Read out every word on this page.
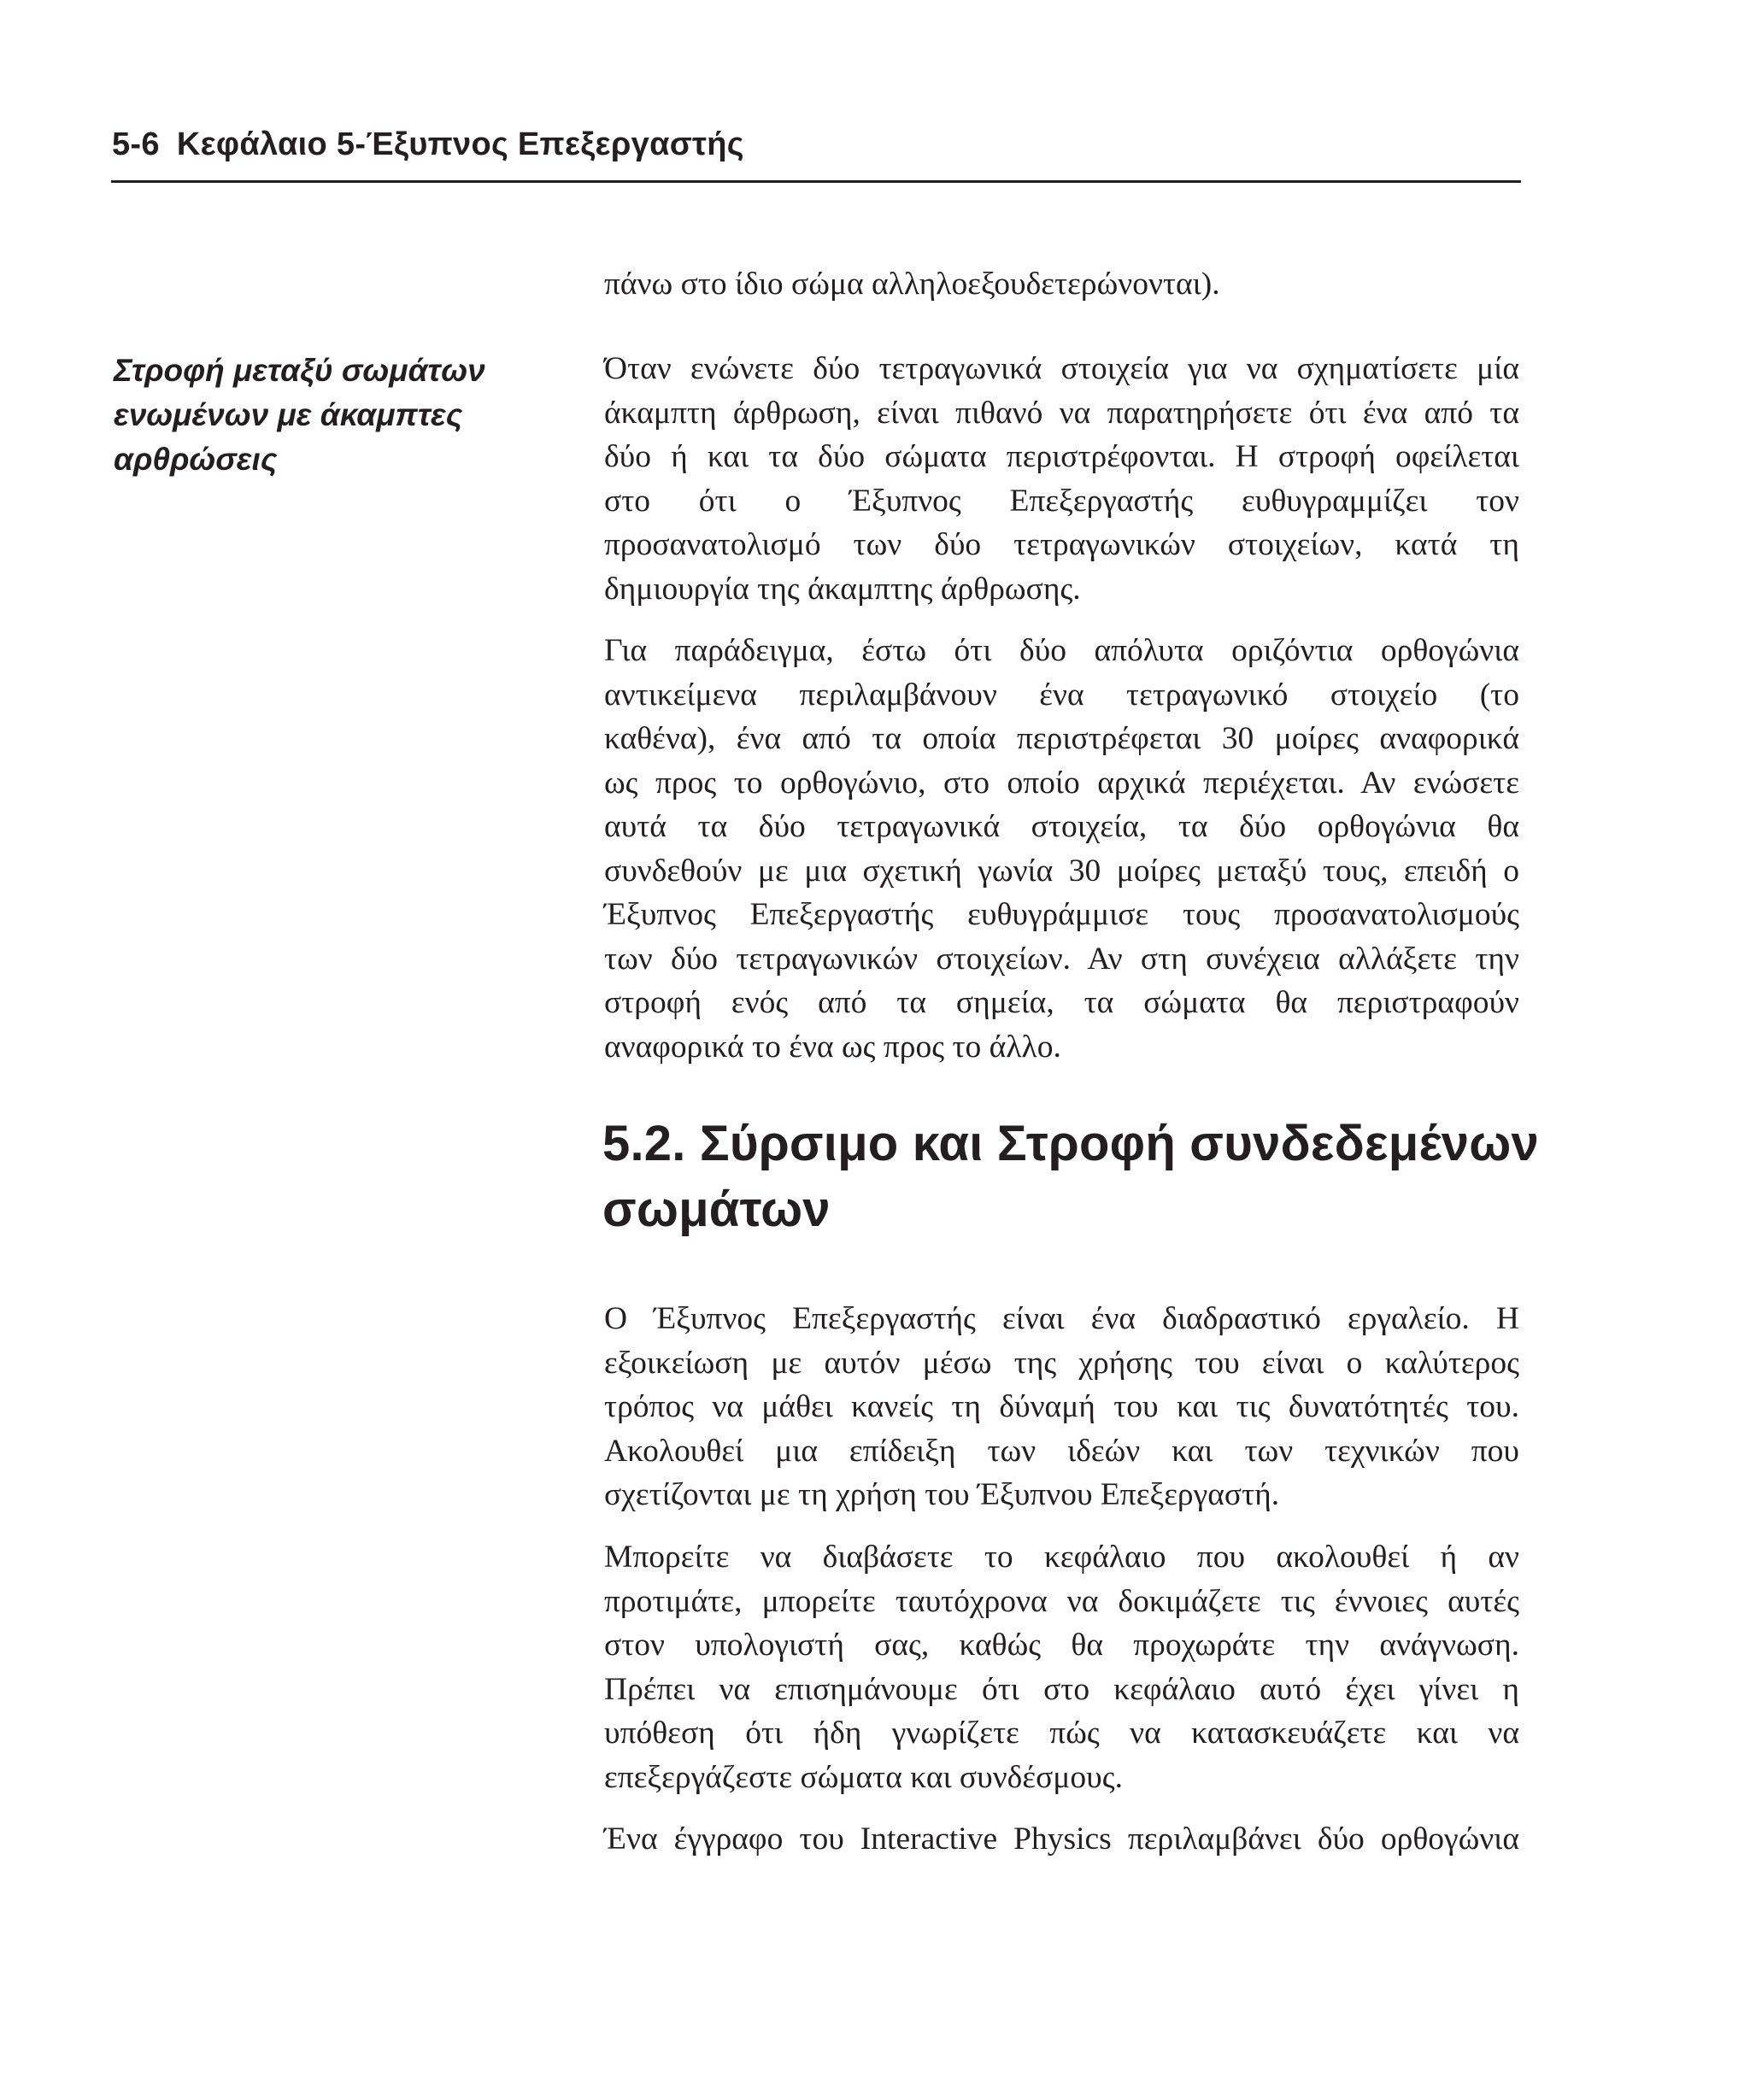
5-6 Κεφάλαιο 5-Έξυπνος Επεξεργαστής
Στροφή μεταξύ σωμάτων
ενωμένων με άκαμπτες
αρθρώσεις

πάνω στο ίδιο σώμα αλληλοεξουδετερώνονται).

Όταν ενώνετε δύο τετραγωνικά στοιχεία για να σχηματίσετε μία
άκαμπτη άρθρωση, είναι πιθανό να παρατηρήσετε ότι ένα από τα
δύο ή και τα δύο σώματα περιστρέφονται. Η στροφή οφείλεται
στο ότι ο Έξυπνος Επεξεργαστής ευθυγραμμίζει τον
προσανατολισμό των δύο τετραγωνικών στοιχείων, κατά τη
δημιουργία της άκαμπτης άρθρωσης.

Για παράδειγμα, έστω ότι δύο απόλυτα οριζόντια ορθογώνια
αντικείμενα περιλαμβάνουν ένα τετραγωνικό στοιχείο (το
καθένα), ένα από τα οποία περιστρέφεται 30 μοίρες αναφορικά
ως προς το ορθογώνιο, στο οποίο αρχικά περιέχεται. Αν ενώσετε
αυτά τα δύο τετραγωνικά στοιχεία, τα δύο ορθογώνια θα
συνδεθούν με μια σχετική γωνία 30 μοίρες μεταξύ τους, επειδή ο
Έξυπνος Επεξεργαστής ευθυγράμμισε τους προσανατολισμούς
των δύο τετραγωνικών στοιχείων. Αν στη συνέχεια αλλάξετε την
στροφή ενός από τα σημεία, τα σώματα θα περιστραφούν
αναφορικά το ένα ως προς το άλλο.

5.2. Σύρσιμο και Στροφή συνδεδεμένων
σωμάτων

Ο Έξυπνος Επεξεργαστής είναι ένα διαδραστικό εργαλείο. Η
εξοικείωση με αυτόν μέσω της χρήσης του είναι ο καλύτερος
τρόπος να μάθει κανείς τη δύναμή του και τις δυνατότητές του.
Ακολουθεί μια επίδειξη των ιδεών και των τεχνικών που
σχετίζονται με τη χρήση του Έξυπνου Επεξεργαστή.

Μπορείτε να διαβάσετε το κεφάλαιο που ακολουθεί ή αν
προτιμάτε, μπορείτε ταυτόχρονα να δοκιμάζετε τις έννοιες αυτές
στον υπολογιστή σας, καθώς θα προχωράτε την ανάγνωση.
Πρέπει να επισημάνουμε ότι στο κεφάλαιο αυτό έχει γίνει η
υπόθεση ότι ήδη γνωρίζετε πώς να κατασκευάζετε και να
επεξεργάζεστε σώματα και συνδέσμους.

Ένα έγγραφο του Interactive Physics περιλαμβάνει δύο ορθογώνια
